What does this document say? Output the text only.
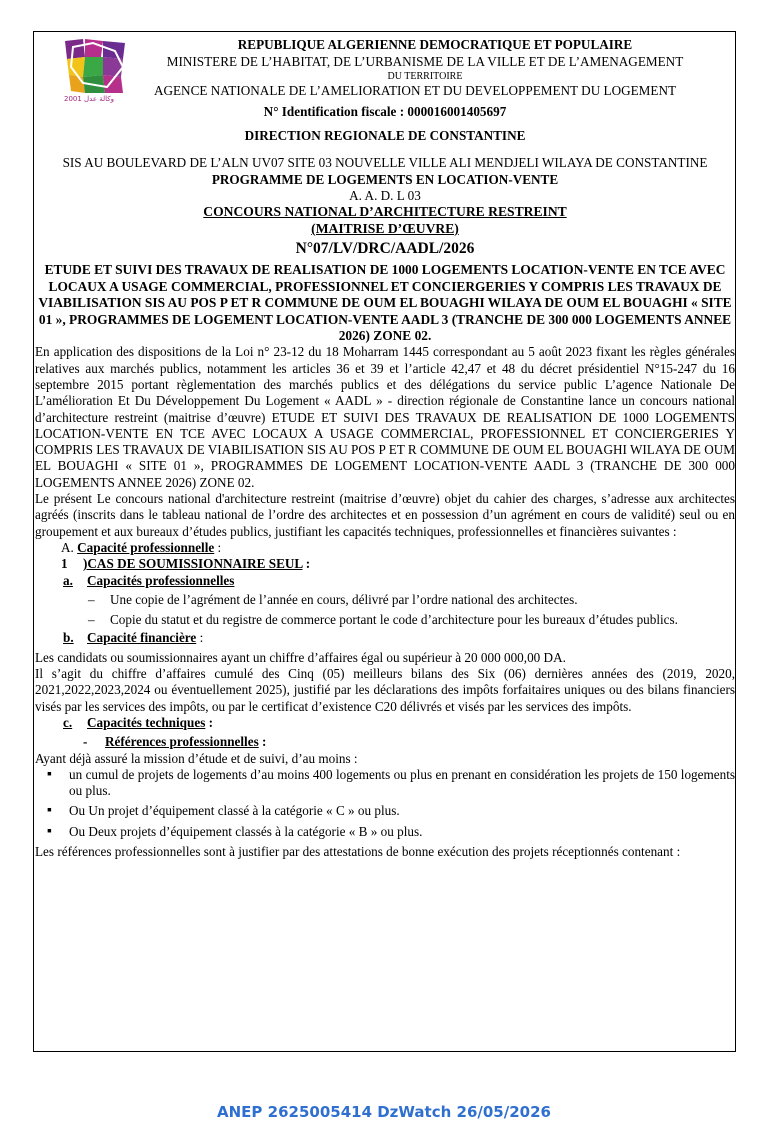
وكالة عدل 2001

REPUBLIQUE ALGERIENNE DEMOCRATIQUE ET POPULAIRE

MINISTERE DE L’HABITAT, DE L’URBANISME DE LA VILLE ET DE L’AMENAGEMENT

DU TERRITOIRE

AGENCE NATIONALE DE L’AMELIORATION ET DU DEVELOPPEMENT DU LOGEMENT

N° Identification fiscale : 000016001405697

DIRECTION REGIONALE DE CONSTANTINE

SIS AU BOULEVARD DE L’ALN UV07 SITE 03 NOUVELLE VILLE ALI MENDJELI WILAYA DE CONSTANTINE

PROGRAMME DE LOGEMENTS EN LOCATION-VENTE

A. A. D. L 03

CONCOURS NATIONAL D’ARCHITECTURE RESTREINT

(MAITRISE D’ŒUVRE)

N°07/LV/DRC/AADL/2026

ETUDE ET SUIVI DES TRAVAUX DE REALISATION DE 1000 LOGEMENTS LOCATION-VENTE EN TCE AVEC LOCAUX A USAGE COMMERCIAL, PROFESSIONNEL ET CONCIERGERIES Y COMPRIS LES TRAVAUX DE VIABILISATION SIS AU POS P ET R COMMUNE DE OUM EL BOUAGHI WILAYA DE OUM EL BOUAGHI « SITE 01 », PROGRAMMES DE LOGEMENT LOCATION-VENTE AADL 3 (TRANCHE DE 300 000 LOGEMENTS ANNEE 2026) ZONE 02.

En application des dispositions de la Loi n° 23-12 du 18 Moharram 1445 correspondant au 5 août 2023 fixant les règles générales relatives aux marchés publics, notamment les articles 36 et 39 et l’article 42,47 et 48 du décret présidentiel N°15-247 du 16 septembre 2015 portant règlementation des marchés publics et des délégations du service public L’agence Nationale De L’amélioration Et Du Développement Du Logement « AADL » - direction régionale de Constantine lance un concours national d’architecture restreint (maitrise d’œuvre) ETUDE ET SUIVI DES TRAVAUX DE REALISATION DE 1000 LOGEMENTS LOCATION-VENTE EN TCE AVEC LOCAUX A USAGE COMMERCIAL, PROFESSIONNEL ET CONCIERGERIES Y COMPRIS LES TRAVAUX DE VIABILISATION SIS AU POS P ET R COMMUNE DE OUM EL BOUAGHI WILAYA DE OUM EL BOUAGHI « SITE 01 », PROGRAMMES DE LOGEMENT LOCATION-VENTE AADL 3 (TRANCHE DE 300 000 LOGEMENTS ANNEE 2026) ZONE 02.

Le présent Le concours national d'architecture restreint (maitrise d’œuvre) objet du cahier des charges, s’adresse aux architectes agréés (inscrits dans le tableau national de l’ordre des architectes et en possession d’un agrément en cours de validité) seul ou en groupement et aux bureaux d’études publics, justifiant les capacités techniques, professionnelles et financières suivantes :

A. Capacité professionnelle :

1 )CAS DE SOUMISSIONNAIRE SEUL :

a. Capacités professionnelles

– Une copie de l’agrément de l’année en cours, délivré par l’ordre national des architectes.
– Copie du statut et du registre de commerce portant le code d’architecture pour les bureaux d’études publics.

b. Capacité financière :

Les candidats ou soumissionnaires ayant un chiffre d’affaires égal ou supérieur à 20 000 000,00 DA.

Il s’agit du chiffre d’affaires cumulé des Cinq (05) meilleurs bilans des Six (06) dernières années des (2019, 2020, 2021,2022,2023,2024 ou éventuellement 2025), justifié par les déclarations des impôts forfaitaires uniques ou des bilans financiers visés par les services des impôts, ou par le certificat d’existence C20 délivrés et visés par les services des impôts.

c. Capacités techniques :

- Références professionnelles :

Ayant déjà assuré la mission d’étude et de suivi, d’au moins :

▪ un cumul de projets de logements d’au moins 400 logements ou plus en prenant en considération les projets de 150 logements ou plus.
▪ Ou Un projet d’équipement classé à la catégorie « C » ou plus.
▪ Ou Deux projets d’équipement classés à la catégorie « B » ou plus.

Les références professionnelles sont à justifier par des attestations de bonne exécution des projets réceptionnés contenant :

ANEP 2625005414 DzWatch 26/05/2026
